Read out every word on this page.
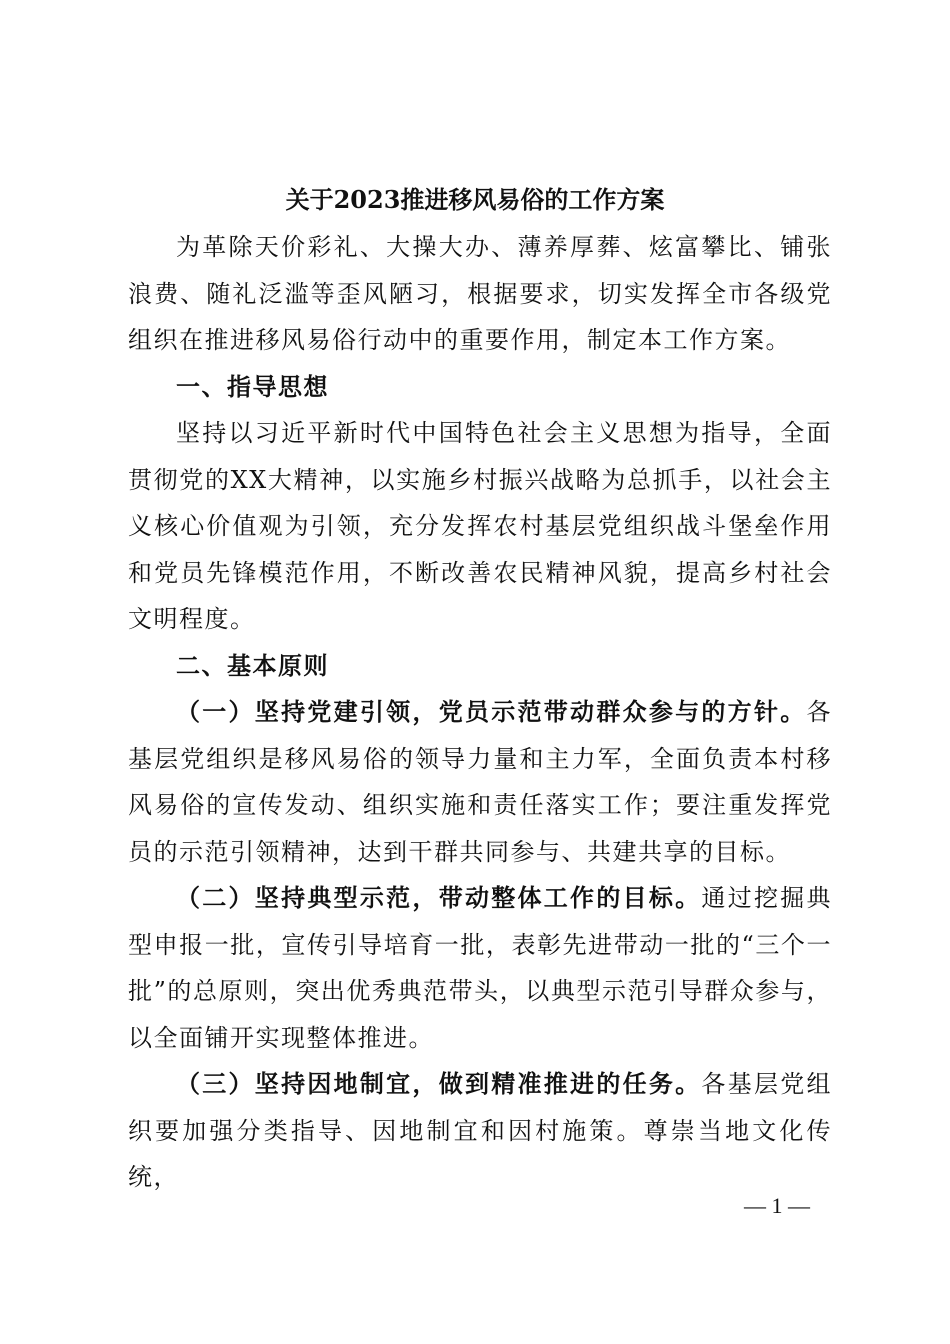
关于2023推进移风易俗的工作方案

为革除天价彩礼、大操大办、薄养厚葬、炫富攀比、铺张浪费、随礼泛滥等歪风陋习，根据要求，切实发挥全市各级党组织在推进移风易俗行动中的重要作用，制定本工作方案。

一、指导思想

坚持以习近平新时代中国特色社会主义思想为指导，全面贯彻党的XX大精神，以实施乡村振兴战略为总抓手，以社会主义核心价值观为引领，充分发挥农村基层党组织战斗堡垒作用和党员先锋模范作用，不断改善农民精神风貌，提高乡村社会文明程度。

二、基本原则

（一）坚持党建引领，党员示范带动群众参与的方针。各基层党组织是移风易俗的领导力量和主力军，全面负责本村移风易俗的宣传发动、组织实施和责任落实工作；要注重发挥党员的示范引领精神，达到干群共同参与、共建共享的目标。

（二）坚持典型示范，带动整体工作的目标。通过挖掘典型申报一批，宣传引导培育一批，表彰先进带动一批的“三个一批”的总原则，突出优秀典范带头，以典型示范引导群众参与，以全面铺开实现整体推进。

（三）坚持因地制宜，做到精准推进的任务。各基层党组织要加强分类指导、因地制宜和因村施策。尊崇当地文化传统，

— 1 —
